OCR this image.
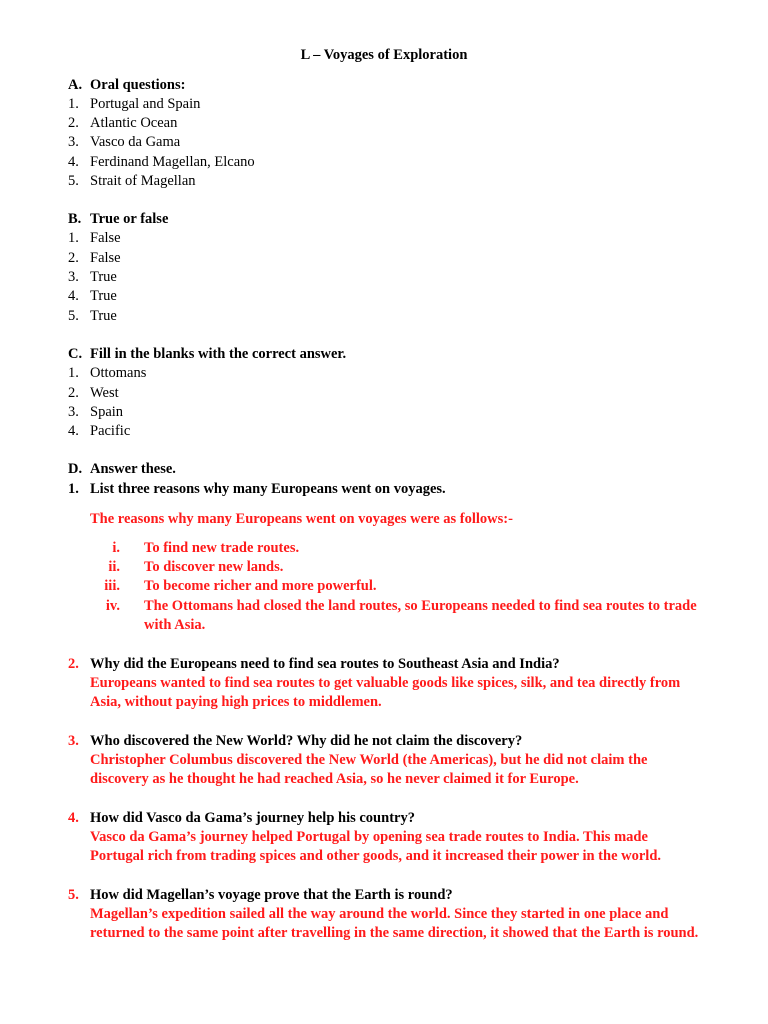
L – Voyages of Exploration
A. Oral questions:
1. Portugal and Spain
2. Atlantic Ocean
3. Vasco da Gama
4. Ferdinand Magellan, Elcano
5. Strait of Magellan
B. True or false
1. False
2. False
3. True
4. True
5. True
C. Fill in the blanks with the correct answer.
1. Ottomans
2. West
3. Spain
4. Pacific
D. Answer these.
1. List three reasons why many Europeans went on voyages.
The reasons why many Europeans went on voyages were as follows:-
i. To find new trade routes.
ii. To discover new lands.
iii. To become richer and more powerful.
iv. The Ottomans had closed the land routes, so Europeans needed to find sea routes to trade
with Asia.
2. Why did the Europeans need to find sea routes to Southeast Asia and India?
Europeans wanted to find sea routes to get valuable goods like spices, silk, and tea directly from
Asia, without paying high prices to middlemen.
3. Who discovered the New World? Why did he not claim the discovery?
Christopher Columbus discovered the New World (the Americas), but he did not claim the
discovery as he thought he had reached Asia, so he never claimed it for Europe.
4. How did Vasco da Gama’s journey help his country?
Vasco da Gama’s journey helped Portugal by opening sea trade routes to India. This made
Portugal rich from trading spices and other goods, and it increased their power in the world.
5. How did Magellan’s voyage prove that the Earth is round?
Magellan’s expedition sailed all the way around the world. Since they started in one place and
returned to the same point after travelling in the same direction, it showed that the Earth is round.
